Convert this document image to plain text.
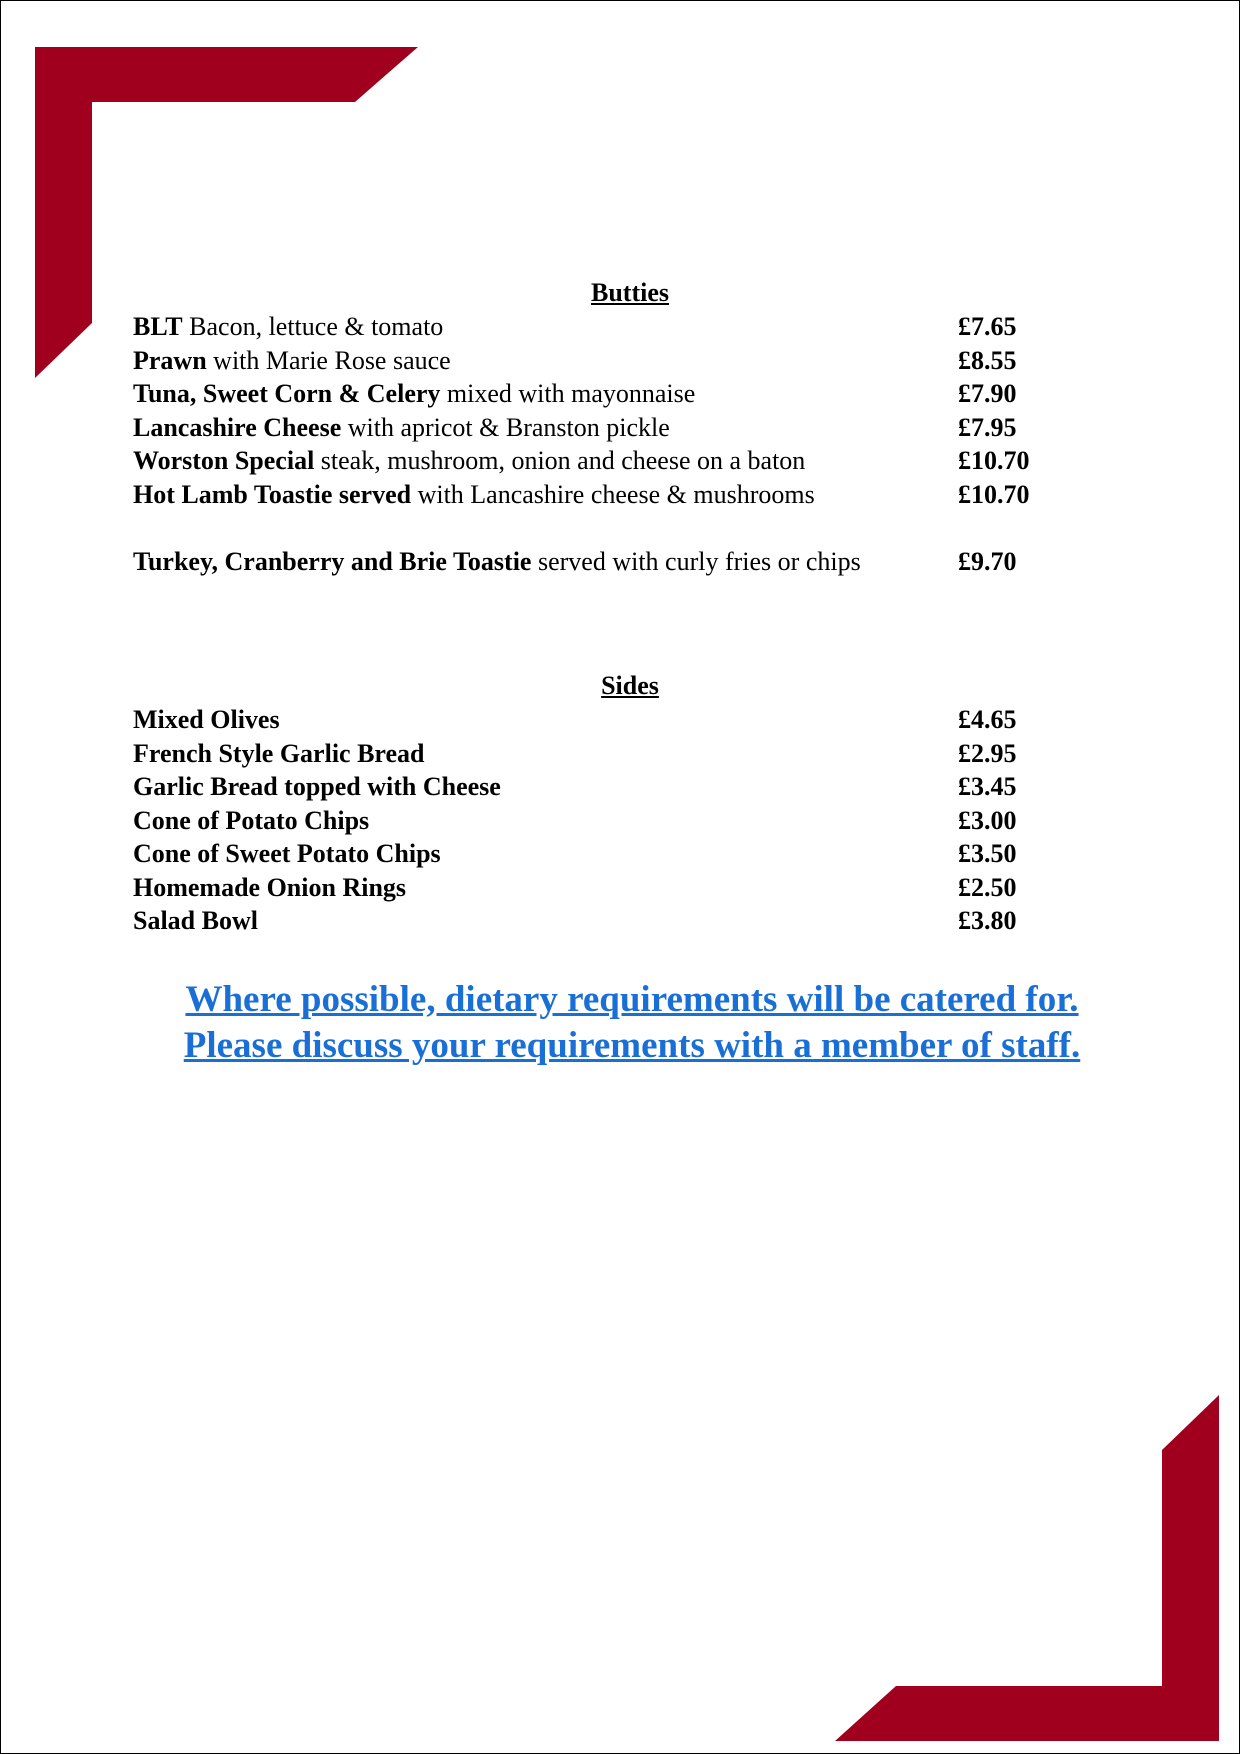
Butties
BLT Bacon, lettuce & tomato	£7.65
Prawn with Marie Rose sauce	£8.55
Tuna, Sweet Corn & Celery mixed with mayonnaise	£7.90
Lancashire Cheese with apricot & Branston pickle	£7.95
Worston Special steak, mushroom, onion and cheese on a baton	£10.70
Hot Lamb Toastie served with Lancashire cheese & mushrooms	£10.70
Turkey, Cranberry and Brie Toastie served with curly fries or chips	£9.70
Sides
Mixed Olives	£4.65
French Style Garlic Bread	£2.95
Garlic Bread topped with Cheese	£3.45
Cone of Potato Chips	£3.00
Cone of Sweet Potato Chips	£3.50
Homemade Onion Rings	£2.50
Salad Bowl	£3.80
Where possible, dietary requirements will be catered for.
Please discuss your requirements with a member of staff.
